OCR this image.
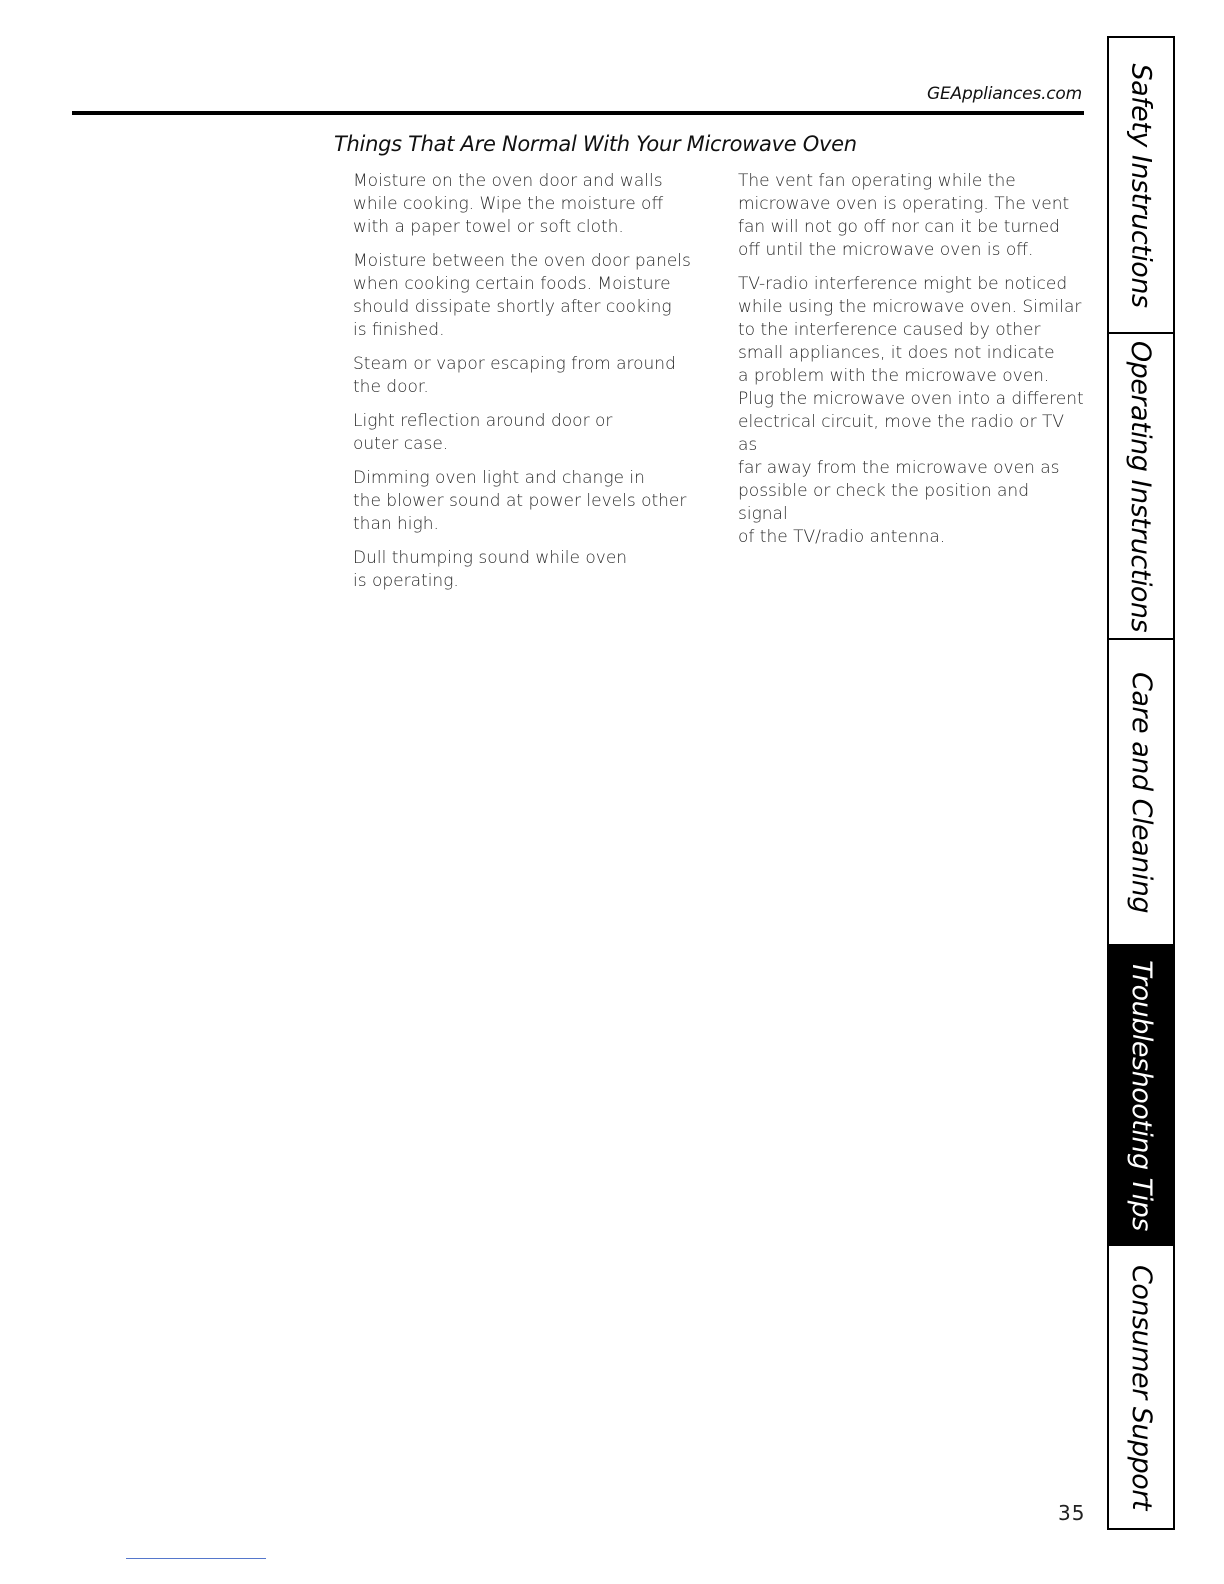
GEAppliances.com
Things That Are Normal With Your Microwave Oven

Moisture on the oven door and walls
while cooking. Wipe the moisture off
with a paper towel or soft cloth.

Moisture between the oven door panels
when cooking certain foods. Moisture
should dissipate shortly after cooking
is finished.

Steam or vapor escaping from around
the door.

Light reflection around door or
outer case.

Dimming oven light and change in
the blower sound at power levels other
than high.

Dull thumping sound while oven
is operating.

The vent fan operating while the
microwave oven is operating. The vent
fan will not go off nor can it be turned
off until the microwave oven is off.

TV-radio interference might be noticed
while using the microwave oven. Similar
to the interference caused by other
small appliances, it does not indicate
a problem with the microwave oven.
Plug the microwave oven into a different
electrical circuit, move the radio or TV as
far away from the microwave oven as
possible or check the position and signal
of the TV/radio antenna.

Safety Instructions
Operating Instructions
Care and Cleaning
Troubleshooting Tips
Consumer Support
35
